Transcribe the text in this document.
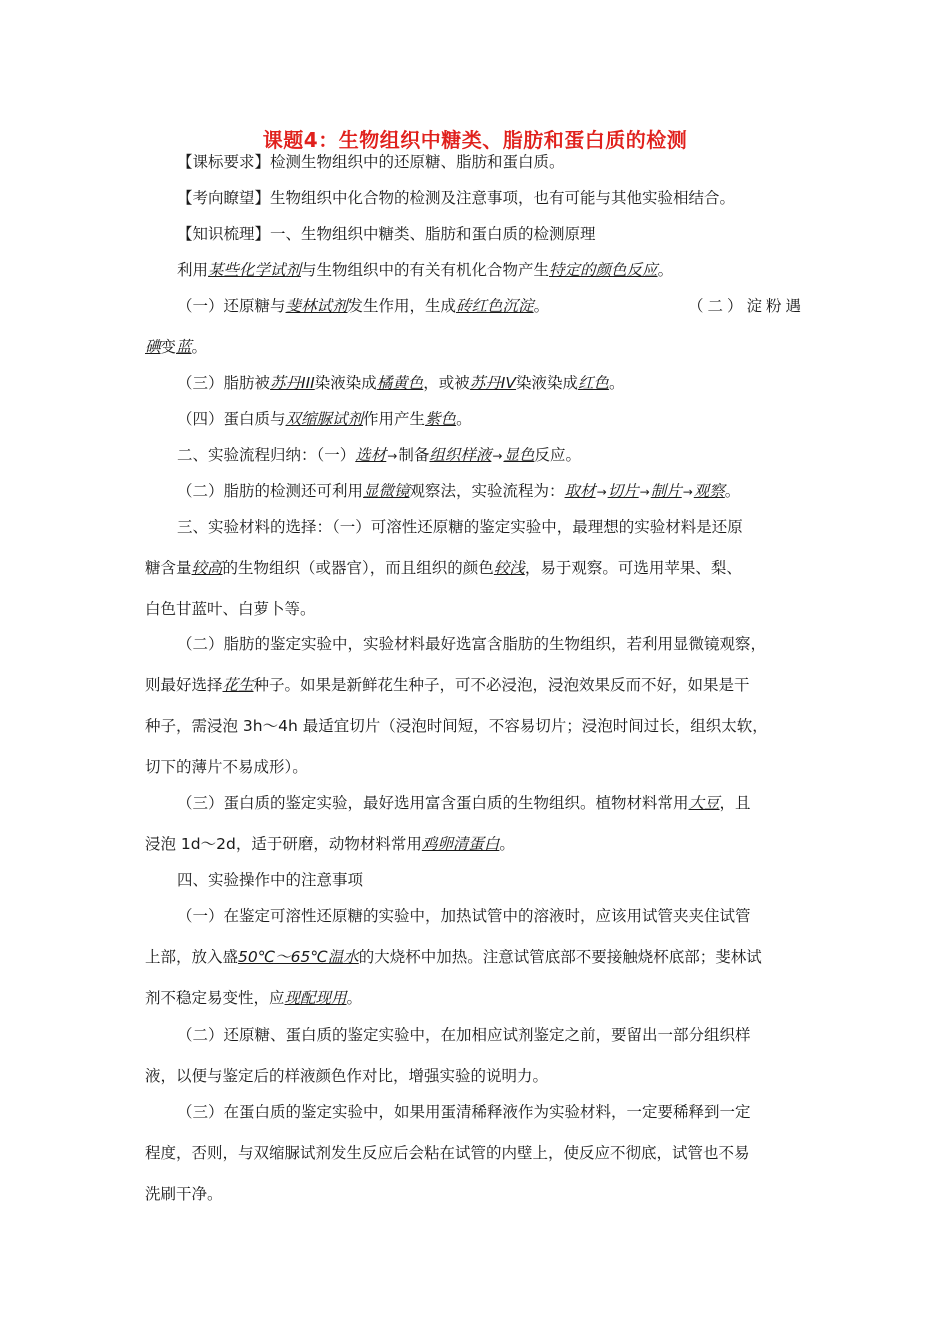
课题4：生物组织中糖类、脂肪和蛋白质的检测
【课标要求】检测生物组织中的还原糖、脂肪和蛋白质。
【考向瞭望】生物组织中化合物的检测及注意事项，也有可能与其他实验相结合。
【知识梳理】一、生物组织中糖类、脂肪和蛋白质的检测原理
利用某些化学试剂与生物组织中的有关有机化合物产生特定的颜色反应。
（一）还原糖与斐林试剂发生作用，生成砖红色沉淀。	（二）淀粉遇
碘变蓝。
（三）脂肪被苏丹III染液染成橘黄色，或被苏丹IV染液染成红色。
（四）蛋白质与双缩脲试剂作用产生紫色。
二、实验流程归纳：（一）选材→制备组织样液→显色反应。
（二）脂肪的检测还可利用显微镜观察法，实验流程为：取材→切片→制片→观察。
三、实验材料的选择：（一）可溶性还原糖的鉴定实验中，最理想的实验材料是还原
糖含量较高的生物组织（或器官），而且组织的颜色较浅，易于观察。可选用苹果、梨、
白色甘蓝叶、白萝卜等。
（二）脂肪的鉴定实验中，实验材料最好选富含脂肪的生物组织，若利用显微镜观察，
则最好选择花生种子。如果是新鲜花生种子，可不必浸泡，浸泡效果反而不好，如果是干
种子，需浸泡 3h～4h 最适宜切片（浸泡时间短，不容易切片；浸泡时间过长，组织太软，
切下的薄片不易成形）。
（三）蛋白质的鉴定实验，最好选用富含蛋白质的生物组织。植物材料常用大豆，且
浸泡 1d～2d，适于研磨，动物材料常用鸡卵清蛋白。
四、实验操作中的注意事项
（一）在鉴定可溶性还原糖的实验中，加热试管中的溶液时，应该用试管夹夹住试管
上部，放入盛50℃～65℃温水的大烧杯中加热。注意试管底部不要接触烧杯底部；斐林试
剂不稳定易变性，应现配现用。
（二）还原糖、蛋白质的鉴定实验中，在加相应试剂鉴定之前，要留出一部分组织样
液，以便与鉴定后的样液颜色作对比，增强实验的说明力。
（三）在蛋白质的鉴定实验中，如果用蛋清稀释液作为实验材料，一定要稀释到一定
程度，否则，与双缩脲试剂发生反应后会粘在试管的内壁上，使反应不彻底，试管也不易
洗刷干净。
